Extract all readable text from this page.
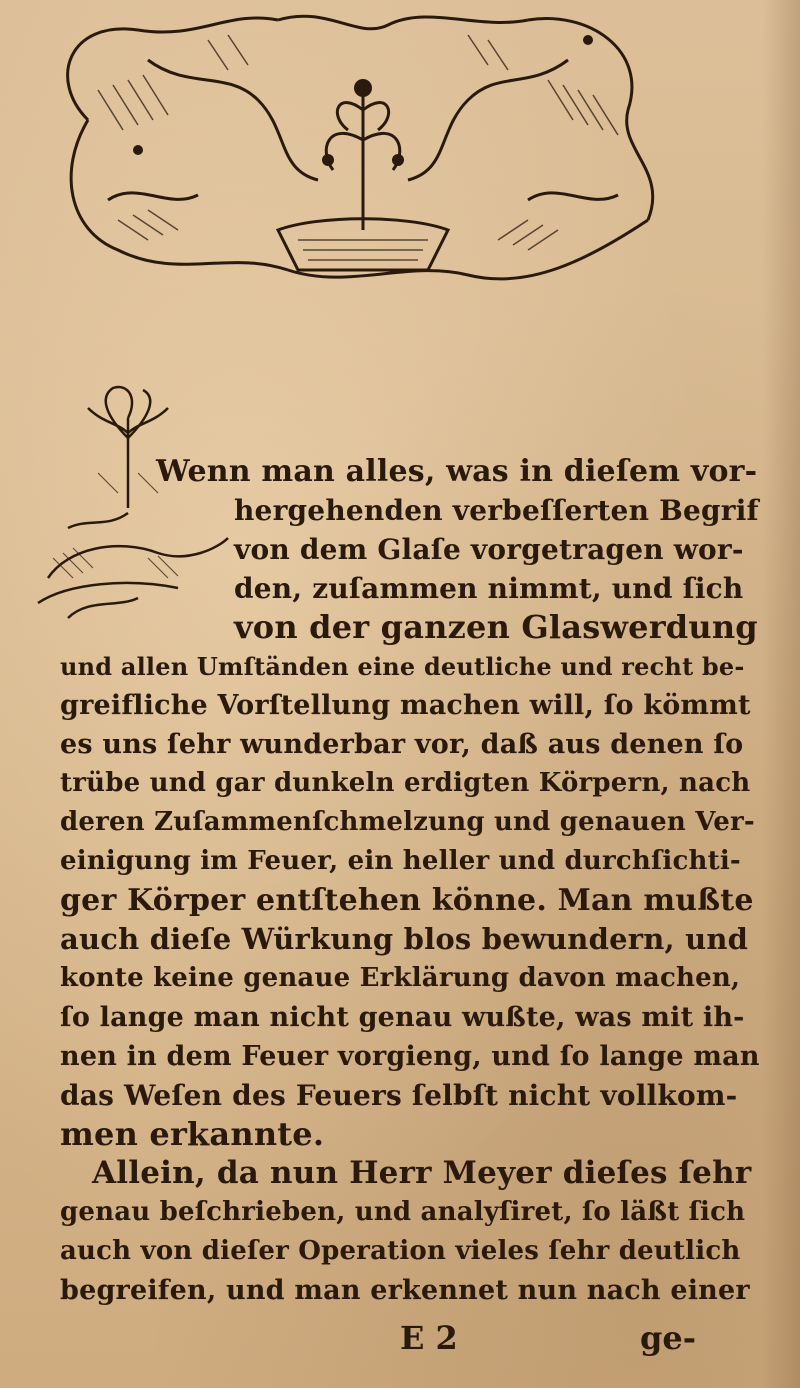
Wenn man alles, was in dieſem vor-
hergehenden verbeſſerten Begrif
von dem Glaſe vorgetragen wor-
den, zuſammen nimmt, und ſich
von der ganzen Glaswerdung
und allen Umſtänden eine deutliche und recht be-
greifliche Vorſtellung machen will, ſo kömmt
es uns ſehr wunderbar vor, daß aus denen ſo
trübe und gar dunkeln erdigten Körpern, nach
deren Zuſammenſchmelzung und genauen Ver-
einigung im Feuer, ein heller und durchſichti-
ger Körper entſtehen könne. Man mußte
auch dieſe Würkung blos bewundern, und
konte keine genaue Erklärung davon machen,
ſo lange man nicht genau wußte, was mit ih-
nen in dem Feuer vorgieng, und ſo lange man
das Weſen des Feuers ſelbſt nicht vollkom-
men erkannte.
Allein, da nun Herr Meyer dieſes ſehr
genau beſchrieben, und analyſiret, ſo läßt ſich
auch von dieſer Operation vieles ſehr deutlich
begreifen, und man erkennet nun nach einer
E 2	ge-
